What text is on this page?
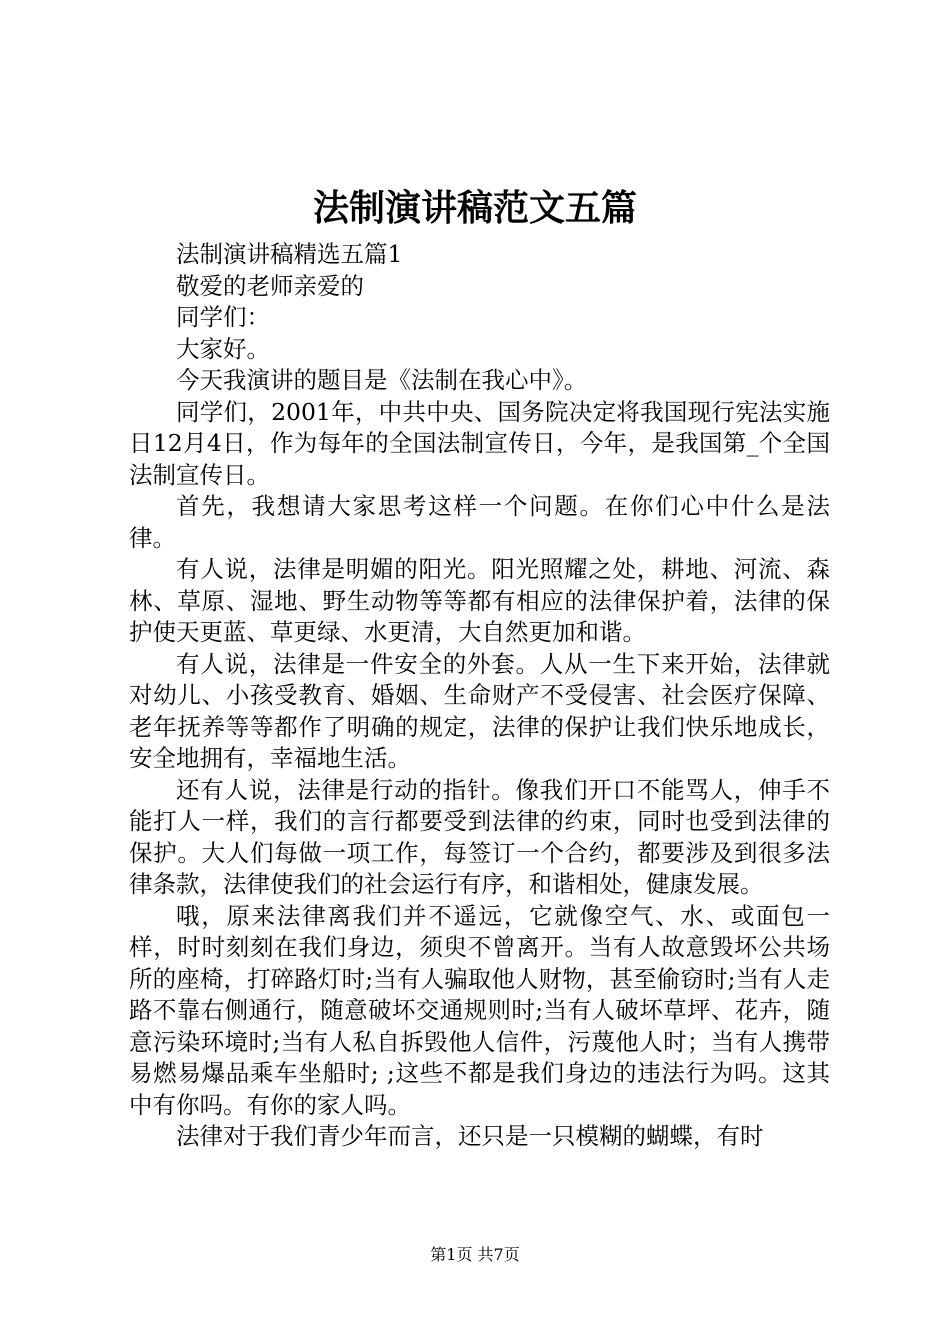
法制演讲稿范文五篇

法制演讲稿精选五篇1

敬爱的老师亲爱的

同学们：

大家好。

今天我演讲的题目是《法制在我心中》。

同学们，2001年，中共中央、国务院决定将我国现行宪法实施日12月4日，作为每年的全国法制宣传日，今年，是我国第_个全国法制宣传日。

首先，我想请大家思考这样一个问题。在你们心中什么是法律。

有人说，法律是明媚的阳光。阳光照耀之处，耕地、河流、森林、草原、湿地、野生动物等等都有相应的法律保护着，法律的保护使天更蓝、草更绿、水更清，大自然更加和谐。

有人说，法律是一件安全的外套。人从一生下来开始，法律就对幼儿、小孩受教育、婚姻、生命财产不受侵害、社会医疗保障、老年抚养等等都作了明确的规定，法律的保护让我们快乐地成长，安全地拥有，幸福地生活。

还有人说，法律是行动的指针。像我们开口不能骂人，伸手不能打人一样，我们的言行都要受到法律的约束，同时也受到法律的保护。大人们每做一项工作，每签订一个合约，都要涉及到很多法律条款，法律使我们的社会运行有序，和谐相处，健康发展。

哦，原来法律离我们并不遥远，它就像空气、水、或面包一样，时时刻刻在我们身边，须臾不曾离开。当有人故意毁坏公共场所的座椅，打碎路灯时;当有人骗取他人财物，甚至偷窃时;当有人走路不靠右侧通行，随意破坏交通规则时;当有人破坏草坪、花卉，随意污染环境时;当有人私自拆毁他人信件，污蔑他人时；当有人携带易燃易爆品乘车坐船时; ;这些不都是我们身边的违法行为吗。这其中有你吗。有你的家人吗。

法律对于我们青少年而言，还只是一只模糊的蝴蝶，有时

第1页 共7页
